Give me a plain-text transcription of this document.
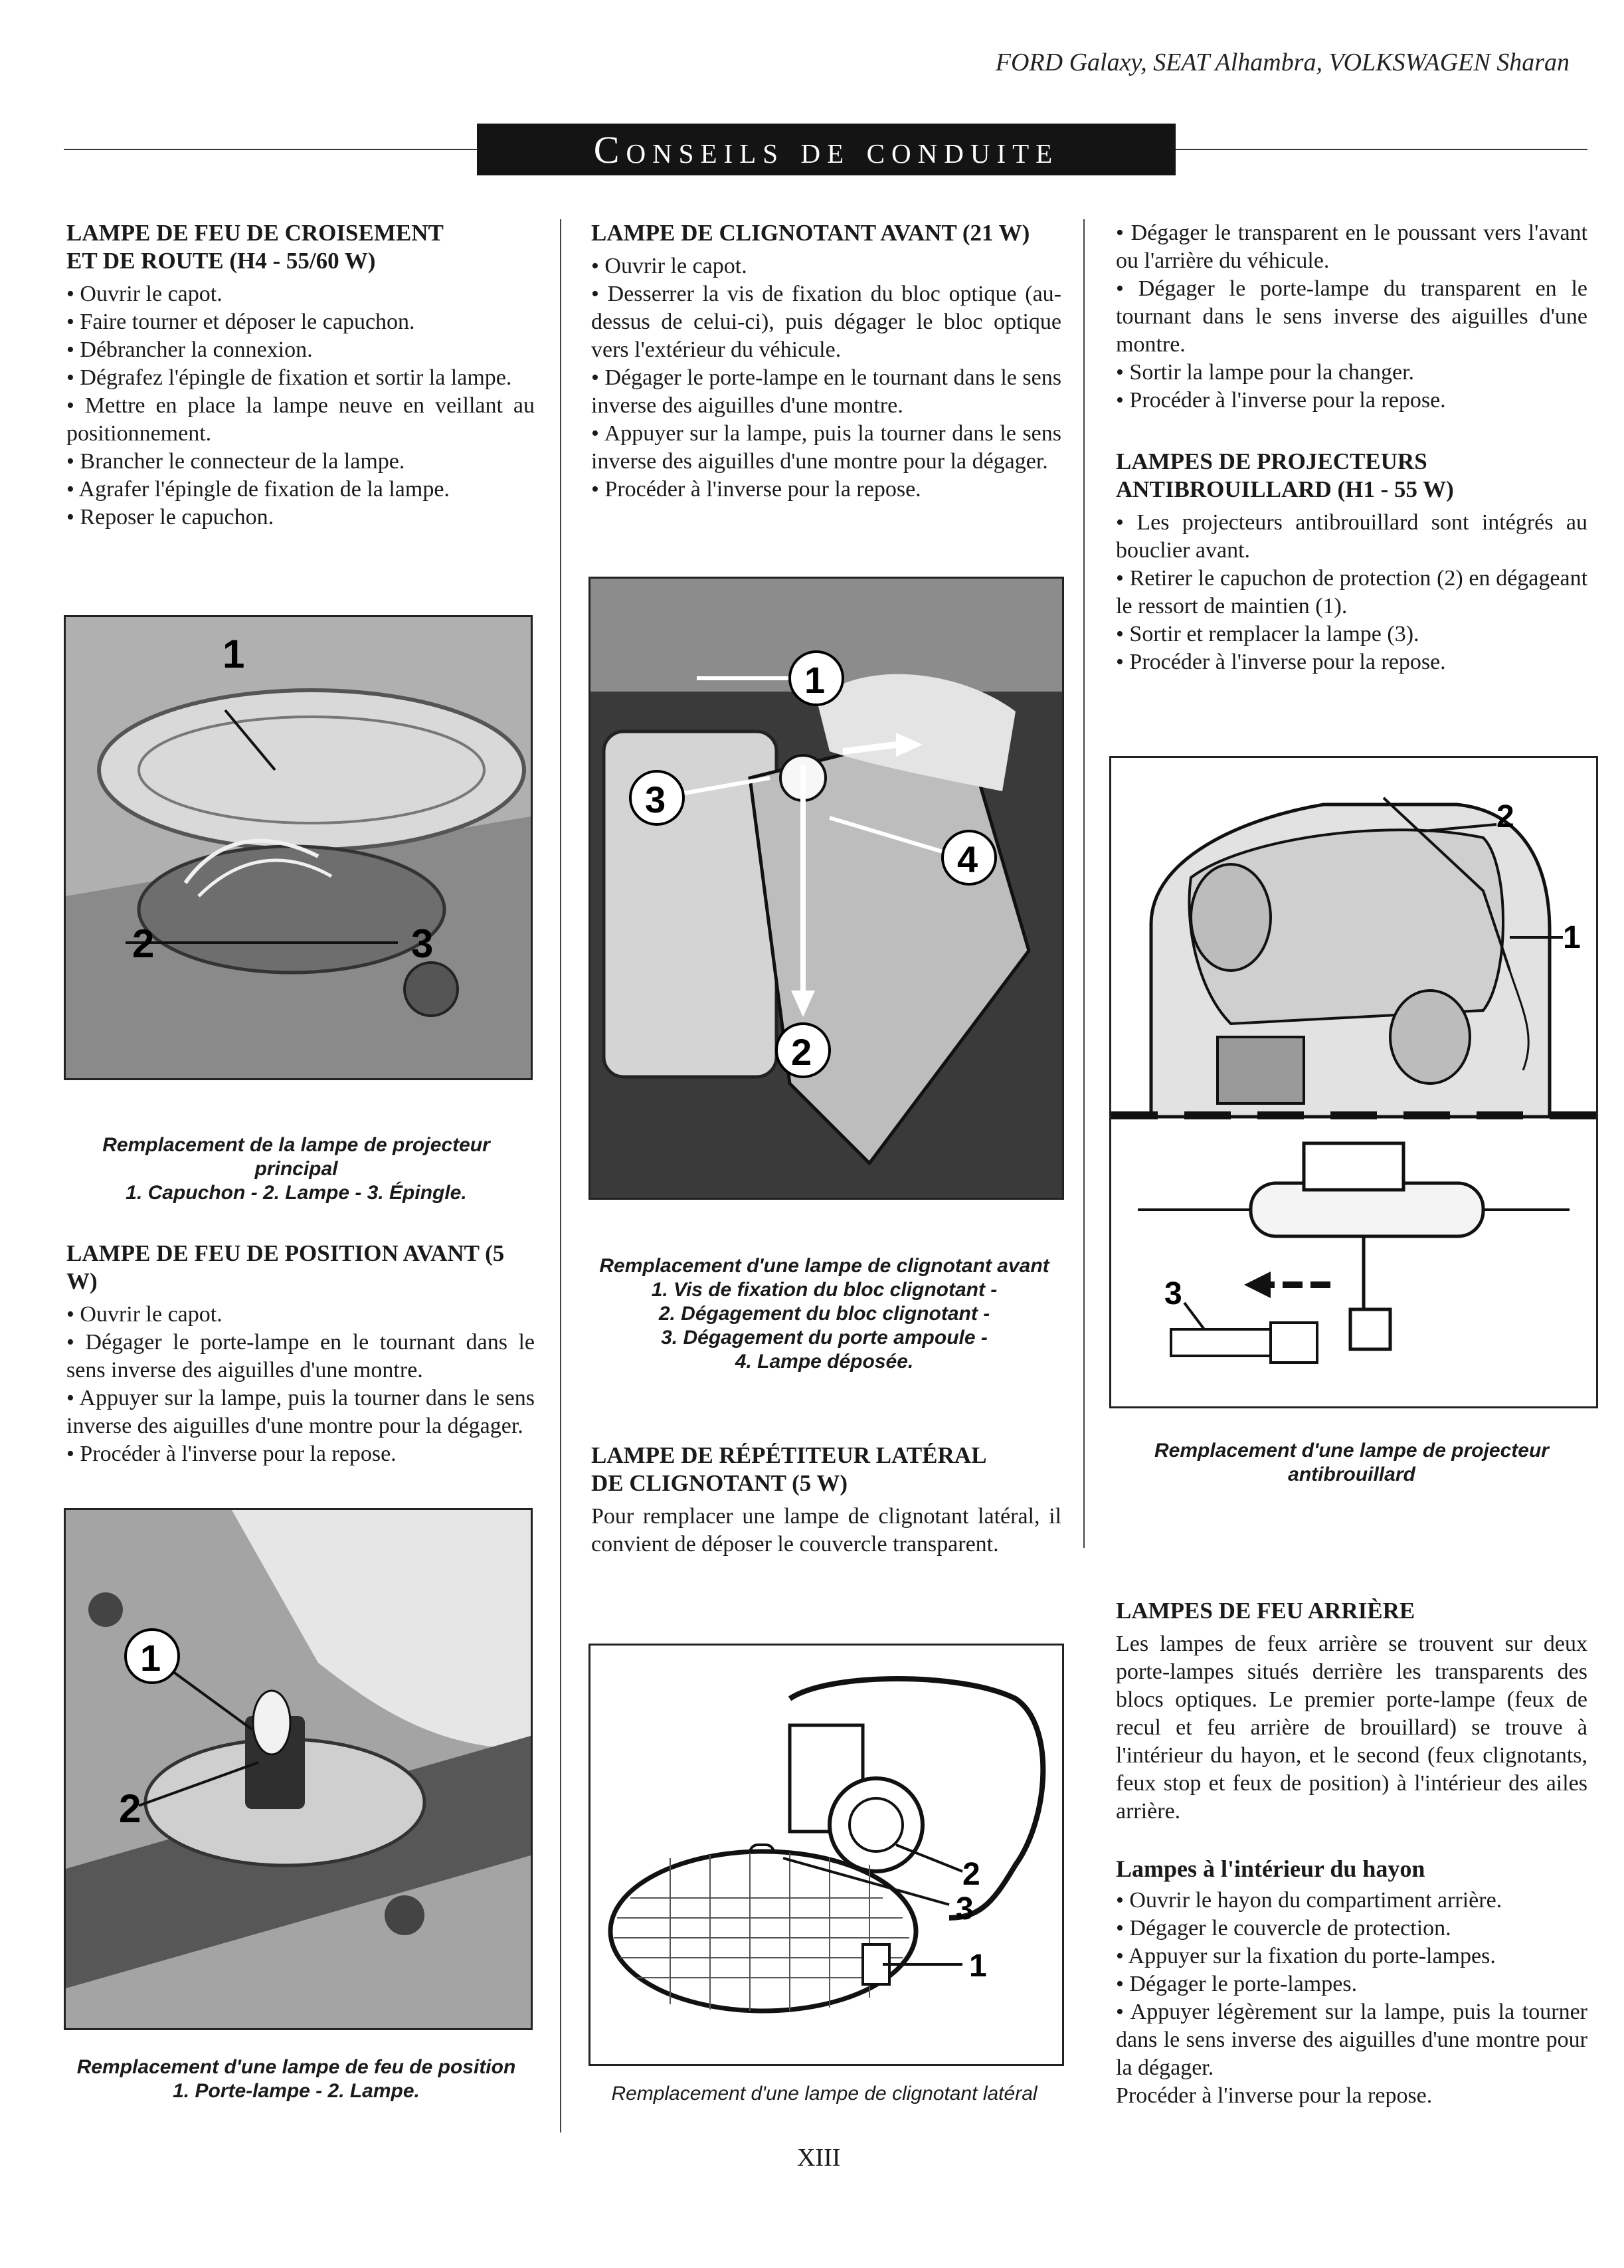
FORD Galaxy, SEAT Alhambra, VOLKSWAGEN Sharan
Conseils de conduite
LAMPE DE FEU DE CROISEMENT
ET DE ROUTE (H4 - 55/60 W)
• Ouvrir le capot.
• Faire tourner et déposer le capuchon.
• Débrancher la connexion.
• Dégrafez l'épingle de fixation et sortir la lampe.
• Mettre en place la lampe neuve en veillant au positionnement.
• Brancher le connecteur de la lampe.
• Agrafer l'épingle de fixation de la lampe.
• Reposer le capuchon.
1
2	3
Remplacement de la lampe de projecteur principal
1. Capuchon - 2. Lampe - 3. Épingle.
LAMPE DE FEU DE POSITION AVANT (5 W)
• Ouvrir le capot.
• Dégager le porte-lampe en le tournant dans le sens inverse des aiguilles d'une montre.
• Appuyer sur la lampe, puis la tourner dans le sens inverse des aiguilles d'une montre pour la dégager.
• Procéder à l'inverse pour la repose.
1
2
Remplacement d'une lampe de feu de position
1. Porte-lampe - 2. Lampe.
LAMPE DE CLIGNOTANT AVANT (21 W)
• Ouvrir le capot.
• Desserrer la vis de fixation du bloc optique (au-dessus de celui-ci), puis dégager le bloc optique vers l'extérieur du véhicule.
• Dégager le porte-lampe en le tournant dans le sens inverse des aiguilles d'une montre.
• Appuyer sur la lampe, puis la tourner dans le sens inverse des aiguilles d'une montre pour la dégager.
• Procéder à l'inverse pour la repose.
1
2
3
4
Remplacement d'une lampe de clignotant avant
1. Vis de fixation du bloc clignotant -
2. Dégagement du bloc clignotant -
3. Dégagement du porte ampoule -
4. Lampe déposée.
LAMPE DE RÉPÉTITEUR LATÉRAL
DE CLIGNOTANT (5 W)

Pour remplacer une lampe de clignotant latéral, il convient de déposer le couvercle transparent.

1
2
3
Remplacement d'une lampe de clignotant latéral
• Dégager le transparent en le poussant vers l'avant ou l'arrière du véhicule.
• Dégager le porte-lampe du transparent en le tournant dans le sens inverse des aiguilles d'une montre.
• Sortir la lampe pour la changer.
• Procéder à l'inverse pour la repose.
LAMPES DE PROJECTEURS
ANTIBROUILLARD (H1 - 55 W)
• Les projecteurs antibrouillard sont intégrés au bouclier avant.
• Retirer le capuchon de protection (2) en dégageant le ressort de maintien (1).
• Sortir et remplacer la lampe (3).
• Procéder à l'inverse pour la repose.
2
1
3
Remplacement d'une lampe de projecteur
antibrouillard
LAMPES DE FEU ARRIÈRE

Les lampes de feux arrière se trouvent sur deux porte-lampes situés derrière les transparents des blocs optiques. Le premier porte-lampe (feux de recul et feu arrière de brouillard) se trouve à l'intérieur du hayon, et le second (feux clignotants, feux stop et feux de position) à l'intérieur des ailes arrière.

Lampes à l'intérieur du hayon
• Ouvrir le hayon du compartiment arrière.
• Dégager le couvercle de protection.
• Appuyer sur la fixation du porte-lampes.
• Dégager le porte-lampes.
• Appuyer légèrement sur la lampe, puis la tourner dans le sens inverse des aiguilles d'une montre pour la dégager.

Procéder à l'inverse pour la repose.

XIII
